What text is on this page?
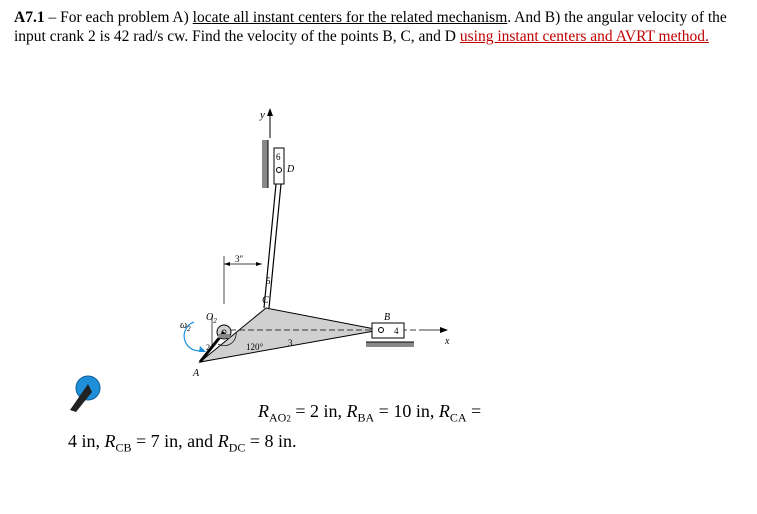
A7.1 – For each problem A) locate all instant centers for the related mechanism. And B) the angular velocity of the input crank 2 is 42 rad/s cw. Find the velocity of the points B, C, and D using instant centers and AVRT method.
y
6
D
5
3″
C
3	x
4
B
$O_2$
2	120°
$\omega_2$
A
$R_{AO2} = 2$ in, $R_{BA} = 10$ in, $R_{CA}$ =
4 in, $R_{CB} = 7$ in, and $R_{DC} = 8$ in.
